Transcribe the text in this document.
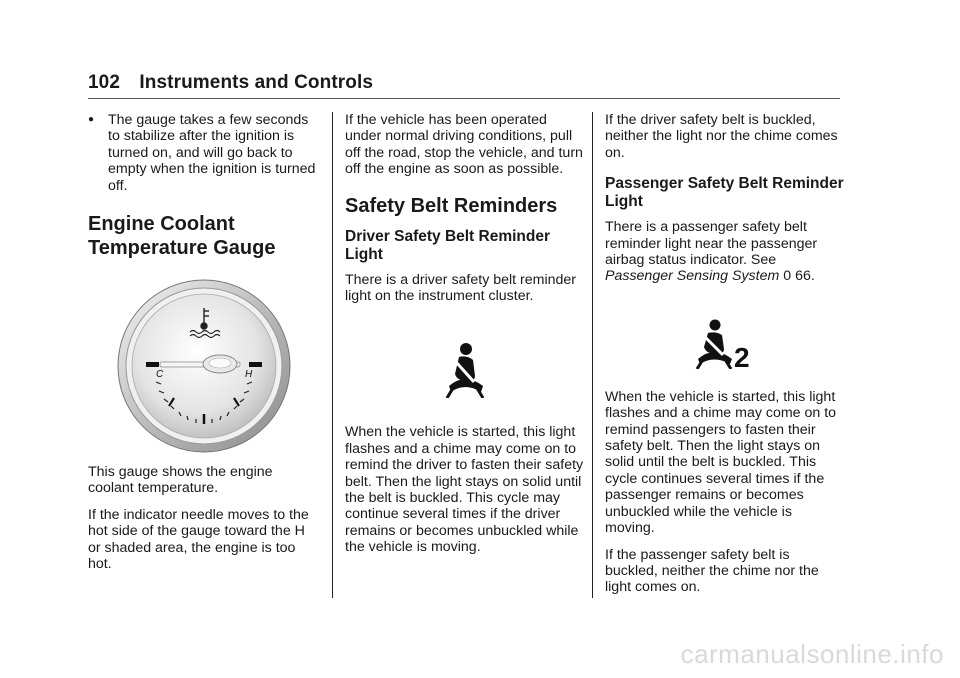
102 Instruments and Controls
● The gauge takes a few seconds to stabilize after the ignition is turned on, and will go back to empty when the ignition is turned off.
Engine Coolant Temperature Gauge
C	H

This gauge shows the engine coolant temperature.

If the indicator needle moves to the hot side of the gauge toward the H or shaded area, the engine is too hot.

If the vehicle has been operated under normal driving conditions, pull off the road, stop the vehicle, and turn off the engine as soon as possible.

Safety Belt Reminders
Driver Safety Belt Reminder Light

There is a driver safety belt reminder light on the instrument cluster.

When the vehicle is started, this light flashes and a chime may come on to remind the driver to fasten their safety belt. Then the light stays on solid until the belt is buckled. This cycle may continue several times if the driver remains or becomes unbuckled while the vehicle is moving.

If the driver safety belt is buckled, neither the light nor the chime comes on.

Passenger Safety Belt Reminder Light

There is a passenger safety belt reminder light near the passenger airbag status indicator. See Passenger Sensing System 0 66.

2

When the vehicle is started, this light flashes and a chime may come on to remind passengers to fasten their safety belt. Then the light stays on solid until the belt is buckled. This cycle continues several times if the passenger remains or becomes unbuckled while the vehicle is moving.

If the passenger safety belt is buckled, neither the chime nor the light comes on.

carmanualsonline.info
